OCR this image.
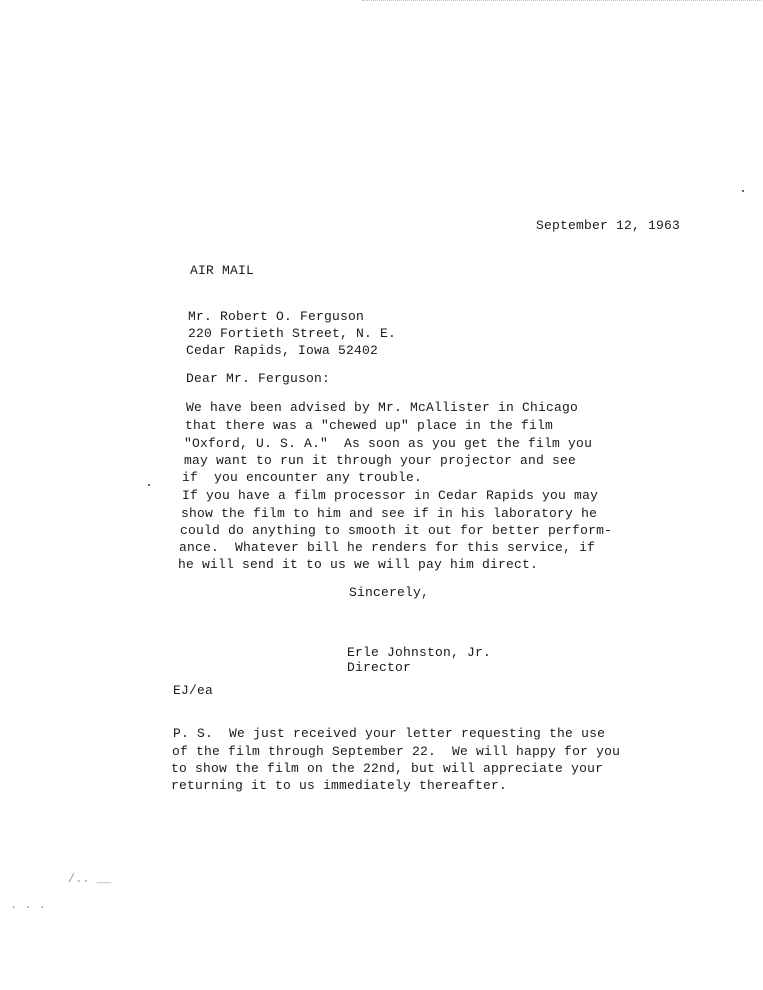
September 12, 1963
AIR MAIL
Mr. Robert O. Ferguson
220 Fortieth Street, N. E.
Cedar Rapids, Iowa 52402
Dear Mr. Ferguson:
We have been advised by Mr. McAllister in Chicago
that there was a "chewed up" place in the film
"Oxford, U. S. A."  As soon as you get the film you
may want to run it through your projector and see
if  you encounter any trouble.
If you have a film processor in Cedar Rapids you may
show the film to him and see if in his laboratory he
could do anything to smooth it out for better perform-
ance.  Whatever bill he renders for this service, if
he will send it to us we will pay him direct.
Sincerely,
Erle Johnston, Jr.
Director
EJ/ea
P. S.  We just received your letter requesting the use
of the film through September 22.  We will happy for you
to show the film on the 22nd, but will appreciate your
returning it to us immediately thereafter.
/.. __
. . .
